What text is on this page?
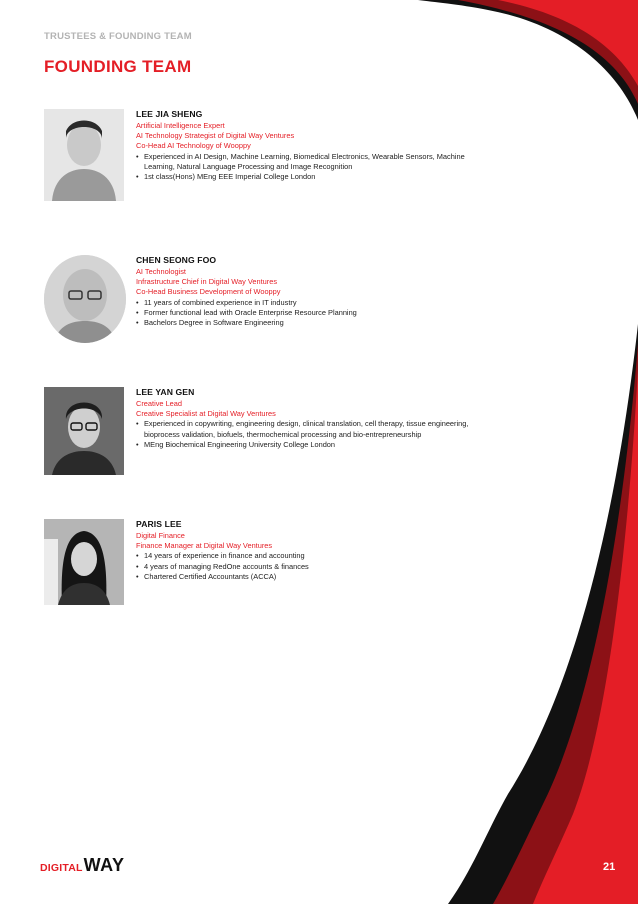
TRUSTEES & FOUNDING TEAM
FOUNDING TEAM
LEE JIA SHENG
Artificial Intelligence Expert
AI Technology Strategist of Digital Way Ventures
Co-Head AI Technology of Wooppy
• Experienced in AI Design, Machine Learning, Biomedical Electronics, Wearable Sensors, Machine Learning, Natural Language Processing and Image Recognition
• 1st class(Hons) MEng EEE Imperial College London
CHEN SEONG FOO
AI Technologist
Infrastructure Chief in Digital Way Ventures
Co-Head Business Development of Wooppy
• 11 years of combined experience in IT industry
• Former functional lead with Oracle Enterprise Resource Planning
• Bachelors Degree in Software Engineering
LEE YAN GEN
Creative Lead
Creative Specialist at Digital Way Ventures
• Experienced in copywriting, engineering design, clinical translation, cell therapy, tissue engineering, bioprocess validation, biofuels, thermochemical processing and bio-entrepreneurship
• MEng Biochemical Engineering University College London
PARIS LEE
Digital Finance
Finance Manager at Digital Way Ventures
• 14 years of experience in finance and accounting
• 4 years of managing RedOne accounts & finances
• Chartered Certified Accountants (ACCA)
DIGITALWAY	21
